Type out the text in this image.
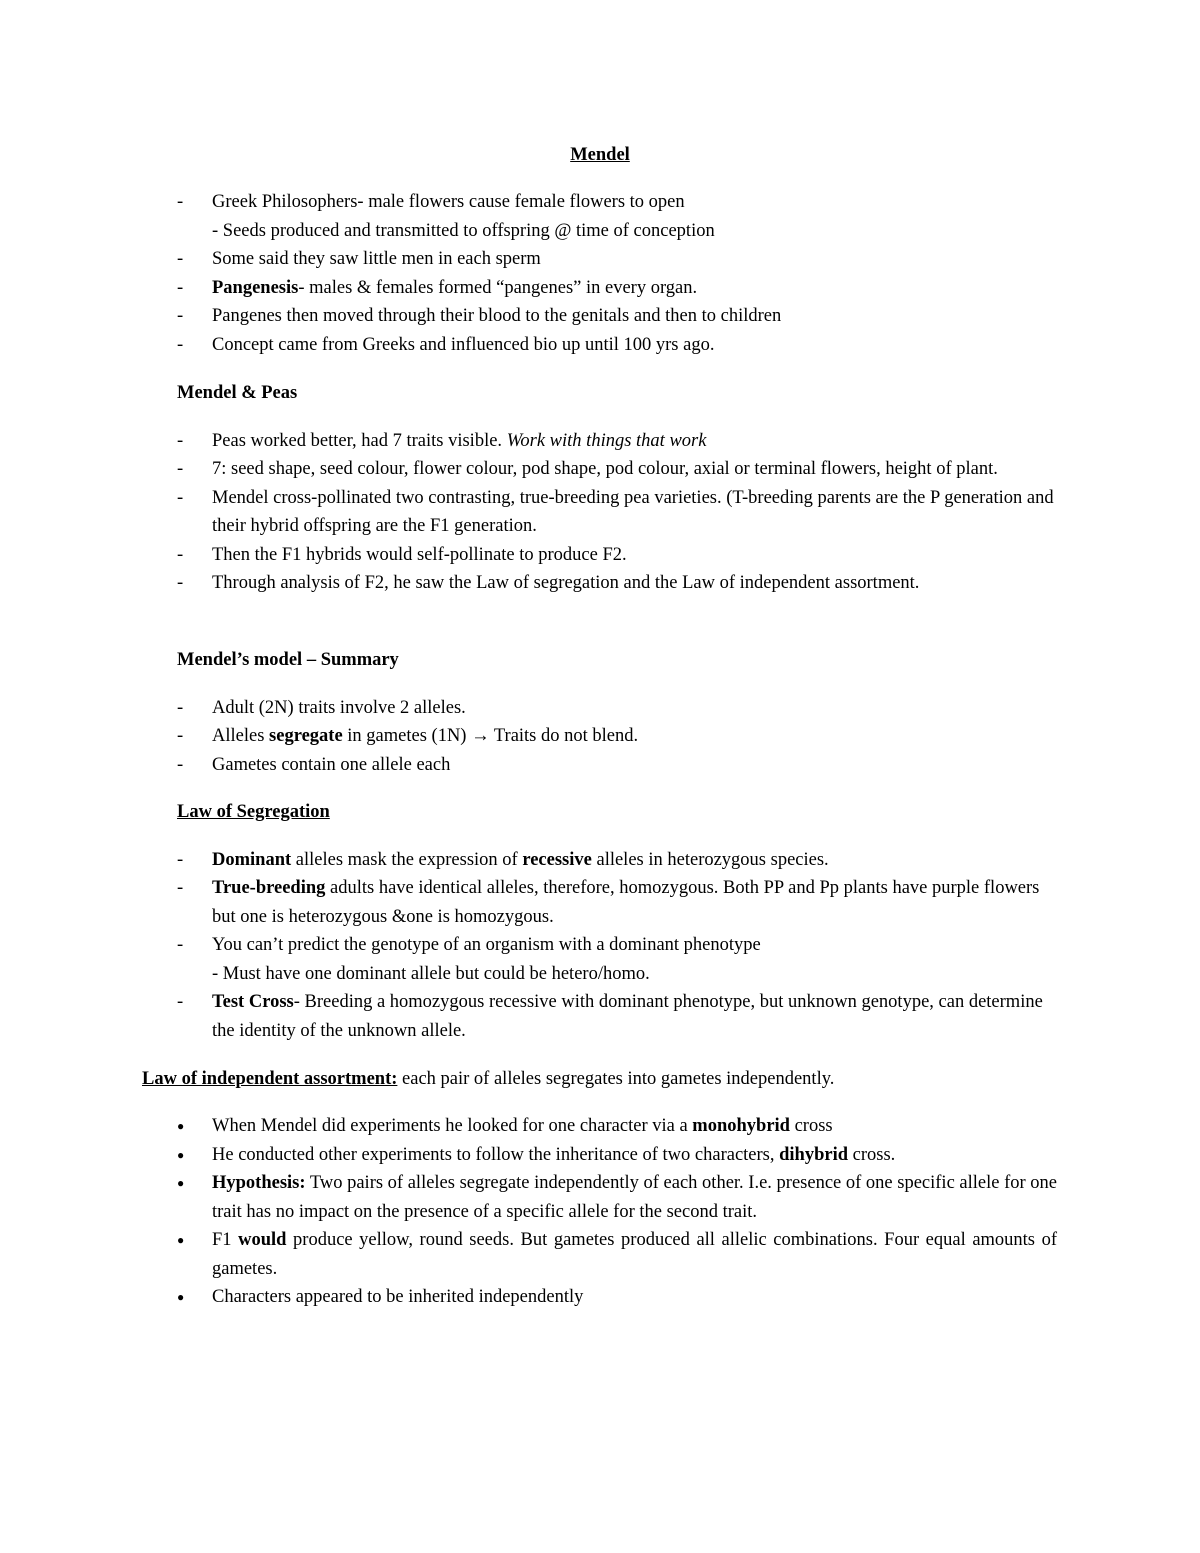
Mendel
- Greek Philosophers- male flowers cause female flowers to open
- Seeds produced and transmitted to offspring @ time of conception
- Some said they saw little men in each sperm
- Pangenesis- males & females formed “pangenes” in every organ.
- Pangenes then moved through their blood to the genitals and then to children
- Concept came from Greeks and influenced bio up until 100 yrs ago.

Mendel & Peas

- Peas worked better, had 7 traits visible. Work with things that work
- 7: seed shape, seed colour, flower colour, pod shape, pod colour, axial or terminal flowers, height of plant.
- Mendel cross-pollinated two contrasting, true-breeding pea varieties. (T-breeding parents are the P generation and their hybrid offspring are the F1 generation.
- Then the F1 hybrids would self-pollinate to produce F2.
- Through analysis of F2, he saw the Law of segregation and the Law of independent assortment.

Mendel’s model – Summary

- Adult (2N) traits involve 2 alleles.
- Alleles segregate in gametes (1N) → Traits do not blend.
- Gametes contain one allele each

Law of Segregation

- Dominant alleles mask the expression of recessive alleles in heterozygous species.
- True-breeding adults have identical alleles, therefore, homozygous. Both PP and Pp plants have purple flowers but one is heterozygous &one is homozygous.
- You can’t predict the genotype of an organism with a dominant phenotype
- Must have one dominant allele but could be hetero/homo.
- Test Cross- Breeding a homozygous recessive with dominant phenotype, but unknown genotype, can determine the identity of the unknown allele.
Law of independent assortment: each pair of alleles segregates into gametes independently.
● When Mendel did experiments he looked for one character via a monohybrid cross
● He conducted other experiments to follow the inheritance of two characters, dihybrid cross.
● Hypothesis: Two pairs of alleles segregate independently of each other. I.e. presence of one specific allele for one trait has no impact on the presence of a specific allele for the second trait.
● F1 would produce yellow, round seeds. But gametes produced all allelic combinations. Four equal amounts of gametes.
● Characters appeared to be inherited independently
